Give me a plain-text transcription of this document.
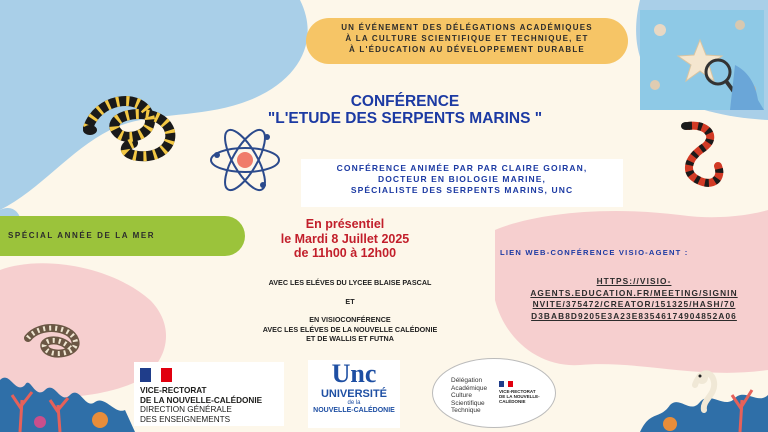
UN ÉVÉNEMENT DES DÉLÉGATIONS ACADÉMIQUES
À LA CULTURE SCIENTIFIQUE ET TECHNIQUE, ET
À L'ÉDUCATION AU DÉVELOPPEMENT DURABLE
CONFÉRENCE
"L'ETUDE DES SERPENTS MARINS "
CONFÉRENCE ANIMÉE PAR PAR CLAIRE GOIRAN,
DOCTEUR EN BIOLOGIE MARINE,
SPÉCIALISTE DES SERPENTS MARINS, UNC
SPÉCIAL ANNÉE DE LA MER
En présentiel
le Mardi 8 Juillet 2025
de 11h00 à 12h00
AVEC LES ELÉVES DU LYCEE BLAISE PASCAL
ET
EN VISIOCONFÉRENCE
AVEC LES ELÉVES DE LA NOUVELLE CALÉDONIE
ET DE WALLIS ET FUTNA
LIEN WEB-CONFÉRENCE VISIO-AGENT :
HTTPS://VISIO-
AGENTS.EDUCATION.FR/MEETING/SIGNIN
NVITE/375472/CREATOR/151325/HASH/70
D3BAB8D9205E3A23E83546174904852A06
VICE-RECTORAT
DE LA NOUVELLE-CALÉDONIE
DIRECTION GÉNÉRALE
DES ENSEIGNEMENTS
Unc
UNIVERSITÉ
de la
NOUVELLE-CALÉDONIE
Délégation
Académique
Culture
Scientifique
Technique
VICE-RECTORAT
DE LA NOUVELLE-CALÉDONIE
